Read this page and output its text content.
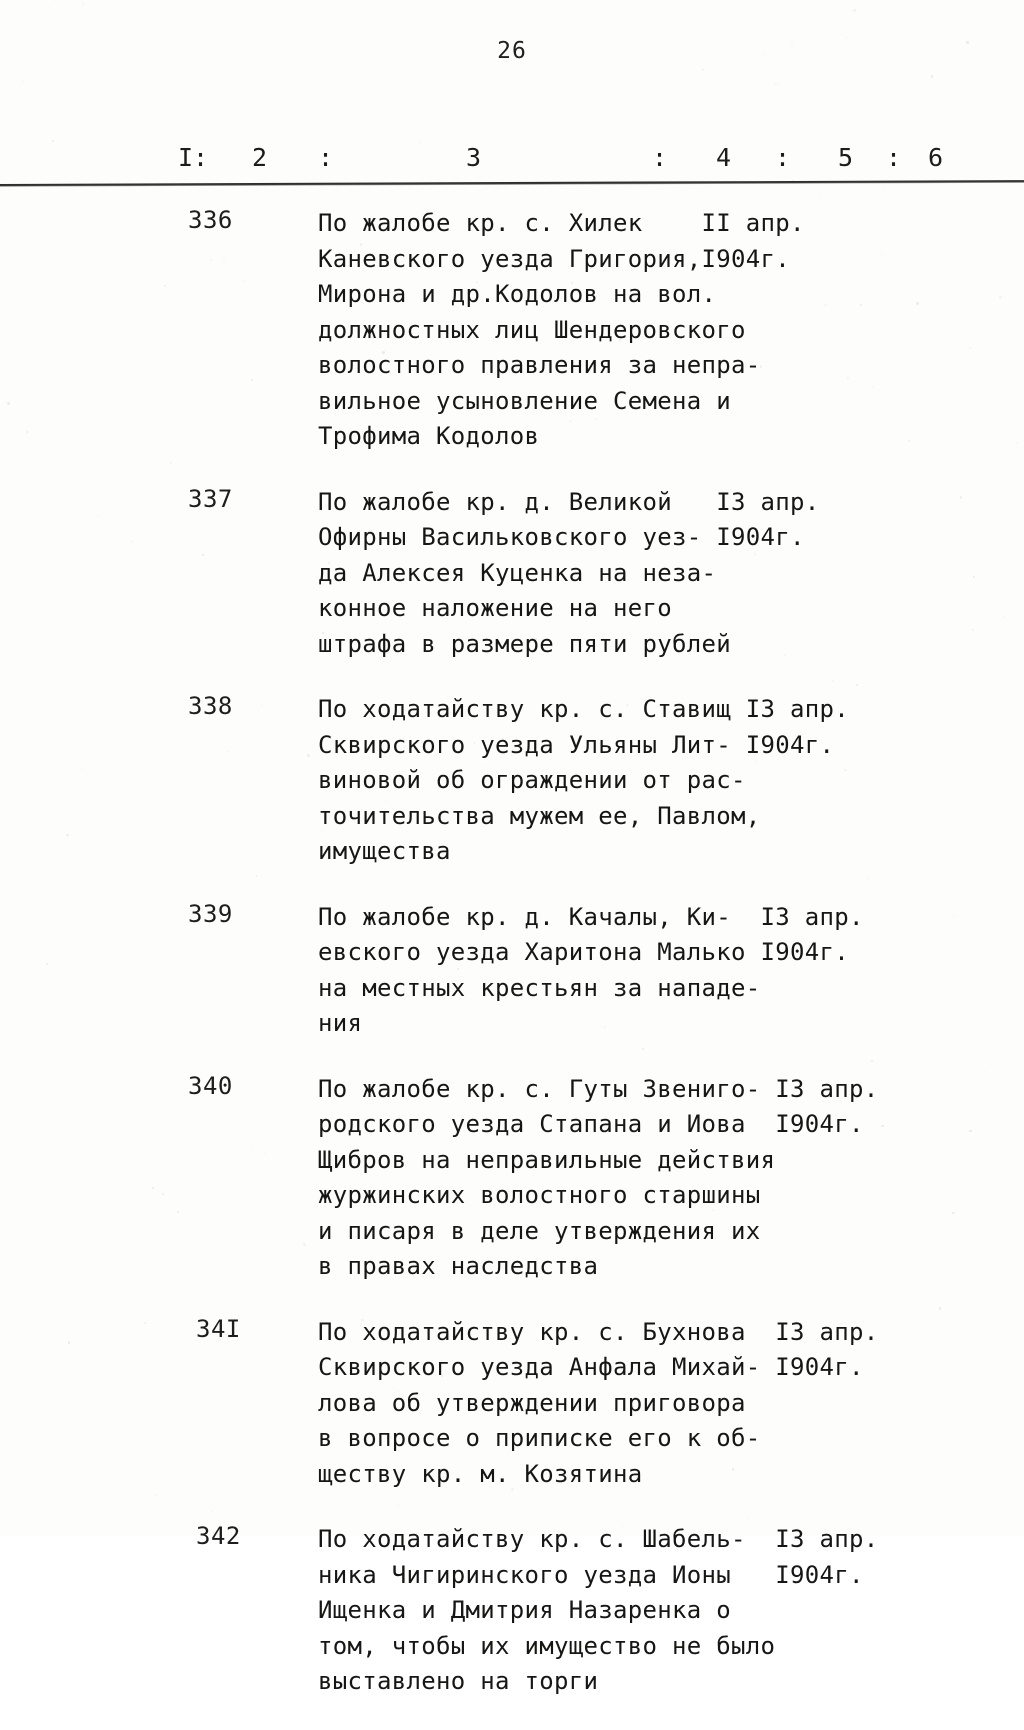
26
I: 2 :	3	: 4 : 5 : 6
336	По жалобе кр. с. Хилек    II апр.
Каневского уезда Григория,I904г.
Мирона и др.Кодолов на вол.
должностных лиц Шендеровского
волостного правления за непра-
вильное усыновление Семена и
Трофима Кодолов
337	По жалобе кр. д. Великой   I3 апр.
Офирны Васильковского уез- I904г.
да Алексея Куценка на неза-
конное наложение на него
штрафа в размере пяти рублей
338	По ходатайству кр. с. Ставищ I3 апр.
Сквирского уезда Ульяны Лит- I904г.
виновой об ограждении от рас-
точительства мужем ее, Павлом,
имущества
339	По жалобе кр. д. Качалы, Ки-  I3 апр.
евского уезда Харитона Малько I904г.
на местных крестьян за нападе-
ния
340	По жалобе кр. с. Гуты Звениго- I3 апр.
родского уезда Стапана и Иова  I904г.
Щибров на неправильные действия
журжинских волостного старшины
и писаря в деле утверждения их
в правах наследства
34I	По ходатайству кр. с. Бухнова  I3 апр.
Сквирского уезда Анфала Михай- I904г.
лова об утверждении приговора
в вопросе о приписке его к об-
ществу кр. м. Козятина
342	По ходатайству кр. с. Шабель-  I3 апр.
ника Чигиринского уезда Ионы   I904г.
Ищенка и Дмитрия Назаренка о
том, чтобы их имущество не было
выставлено на торги
